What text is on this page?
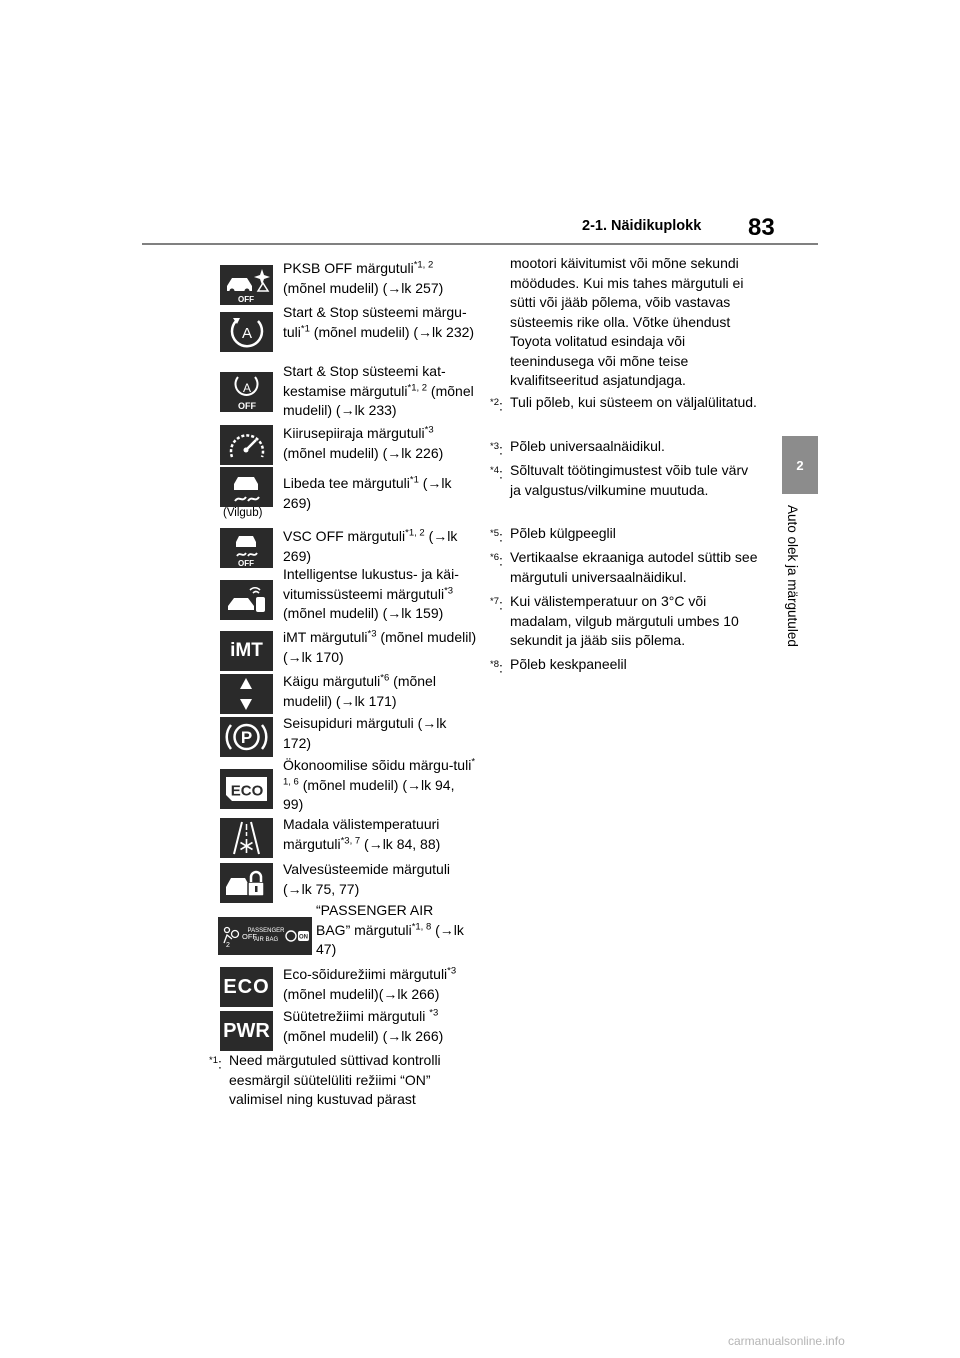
2-1. Näidikuplokk 83
2
Auto olek ja märgutuled
OFF
A
A
OFF
(Vilgub)
OFF
iMT
P
ECO
2
OFF
PASSENGER
AIR BAG	ON
ECO
PWR
PKSB OFF märgutuli$^{*1, 2}$ (mõnel mudelil) (→lk 257)
Start & Stop süsteemi märgu-tuli$^{*1}$ (mõnel mudelil) (→lk 232)
Start & Stop süsteemi kat-kestamise märgutuli$^{*1, 2}$ (mõnel mudelil) (→lk 233)
Kiirusepiiraja märgutuli$^{*3}$ (mõnel mudelil) (→lk 226)
Libeda tee märgutuli$^{*1}$ (→lk 269)
VSC OFF märgutuli$^{*1, 2}$ (→lk 269)
Intelligentse lukustus- ja käi-vitumissüsteemi märgutuli$^{*3}$ (mõnel mudelil) (→lk 159)
iMT märgutuli$^{*3}$ (mõnel mudelil) (→lk 170)
Käigu märgutuli$^{*6}$ (mõnel mudelil) (→lk 171)
Seisupiduri märgutuli (→lk 172)
Ökonoomilise sõidu märgu-tuli$^{* 1, 6}$ (mõnel mudelil) (→lk 94, 99)
Madala välistemperatuuri märgutuli$^{*3, 7}$ (→lk 84, 88)
Valvesüsteemide märgutuli (→lk 75, 77)
“PASSENGER AIR BAG” märgutuli$^{*1, 8}$ (→lk 47)
Eco-sõidurežiimi märgutuli$^{*3}$ (mõnel mudelil)(→lk 266)
Süütetrežiimi märgutuli $^{*3}$ (mõnel mudelil) (→lk 266)
$^{*1}$: Need märgutuled süttivad kontrolli eesmärgil süütelüliti režiimi “ON” valimisel ning kustuvad pärast
mootori käivitumist või mõne sekundi möödudes. Kui mis tahes märgutuli ei sütti või jääb põlema, võib vastavas süsteemis rike olla. Võtke ühendust Toyota volitatud esindaja või teenindusega või mõne teise kvalifitseeritud asjatundjaga.
$^{*2}$: Tuli põleb, kui süsteem on väljalülitatud.
$^{*3}$: Põleb universaalnäidikul.
$^{*4}$: Sõltuvalt töötingimustest võib tule värv ja valgustus/vilkumine muutuda.
$^{*5}$: Põleb külgpeeglil
$^{*6}$: Vertikaalse ekraaniga autodel süttib see märgutuli universaalnäidikul.
$^{*7}$: Kui välistemperatuur on 3°C või madalam, vilgub märgutuli umbes 10 sekundit ja jääb siis põlema.
$^{*8}$: Põleb keskpaneelil
carmanualsonline.info
